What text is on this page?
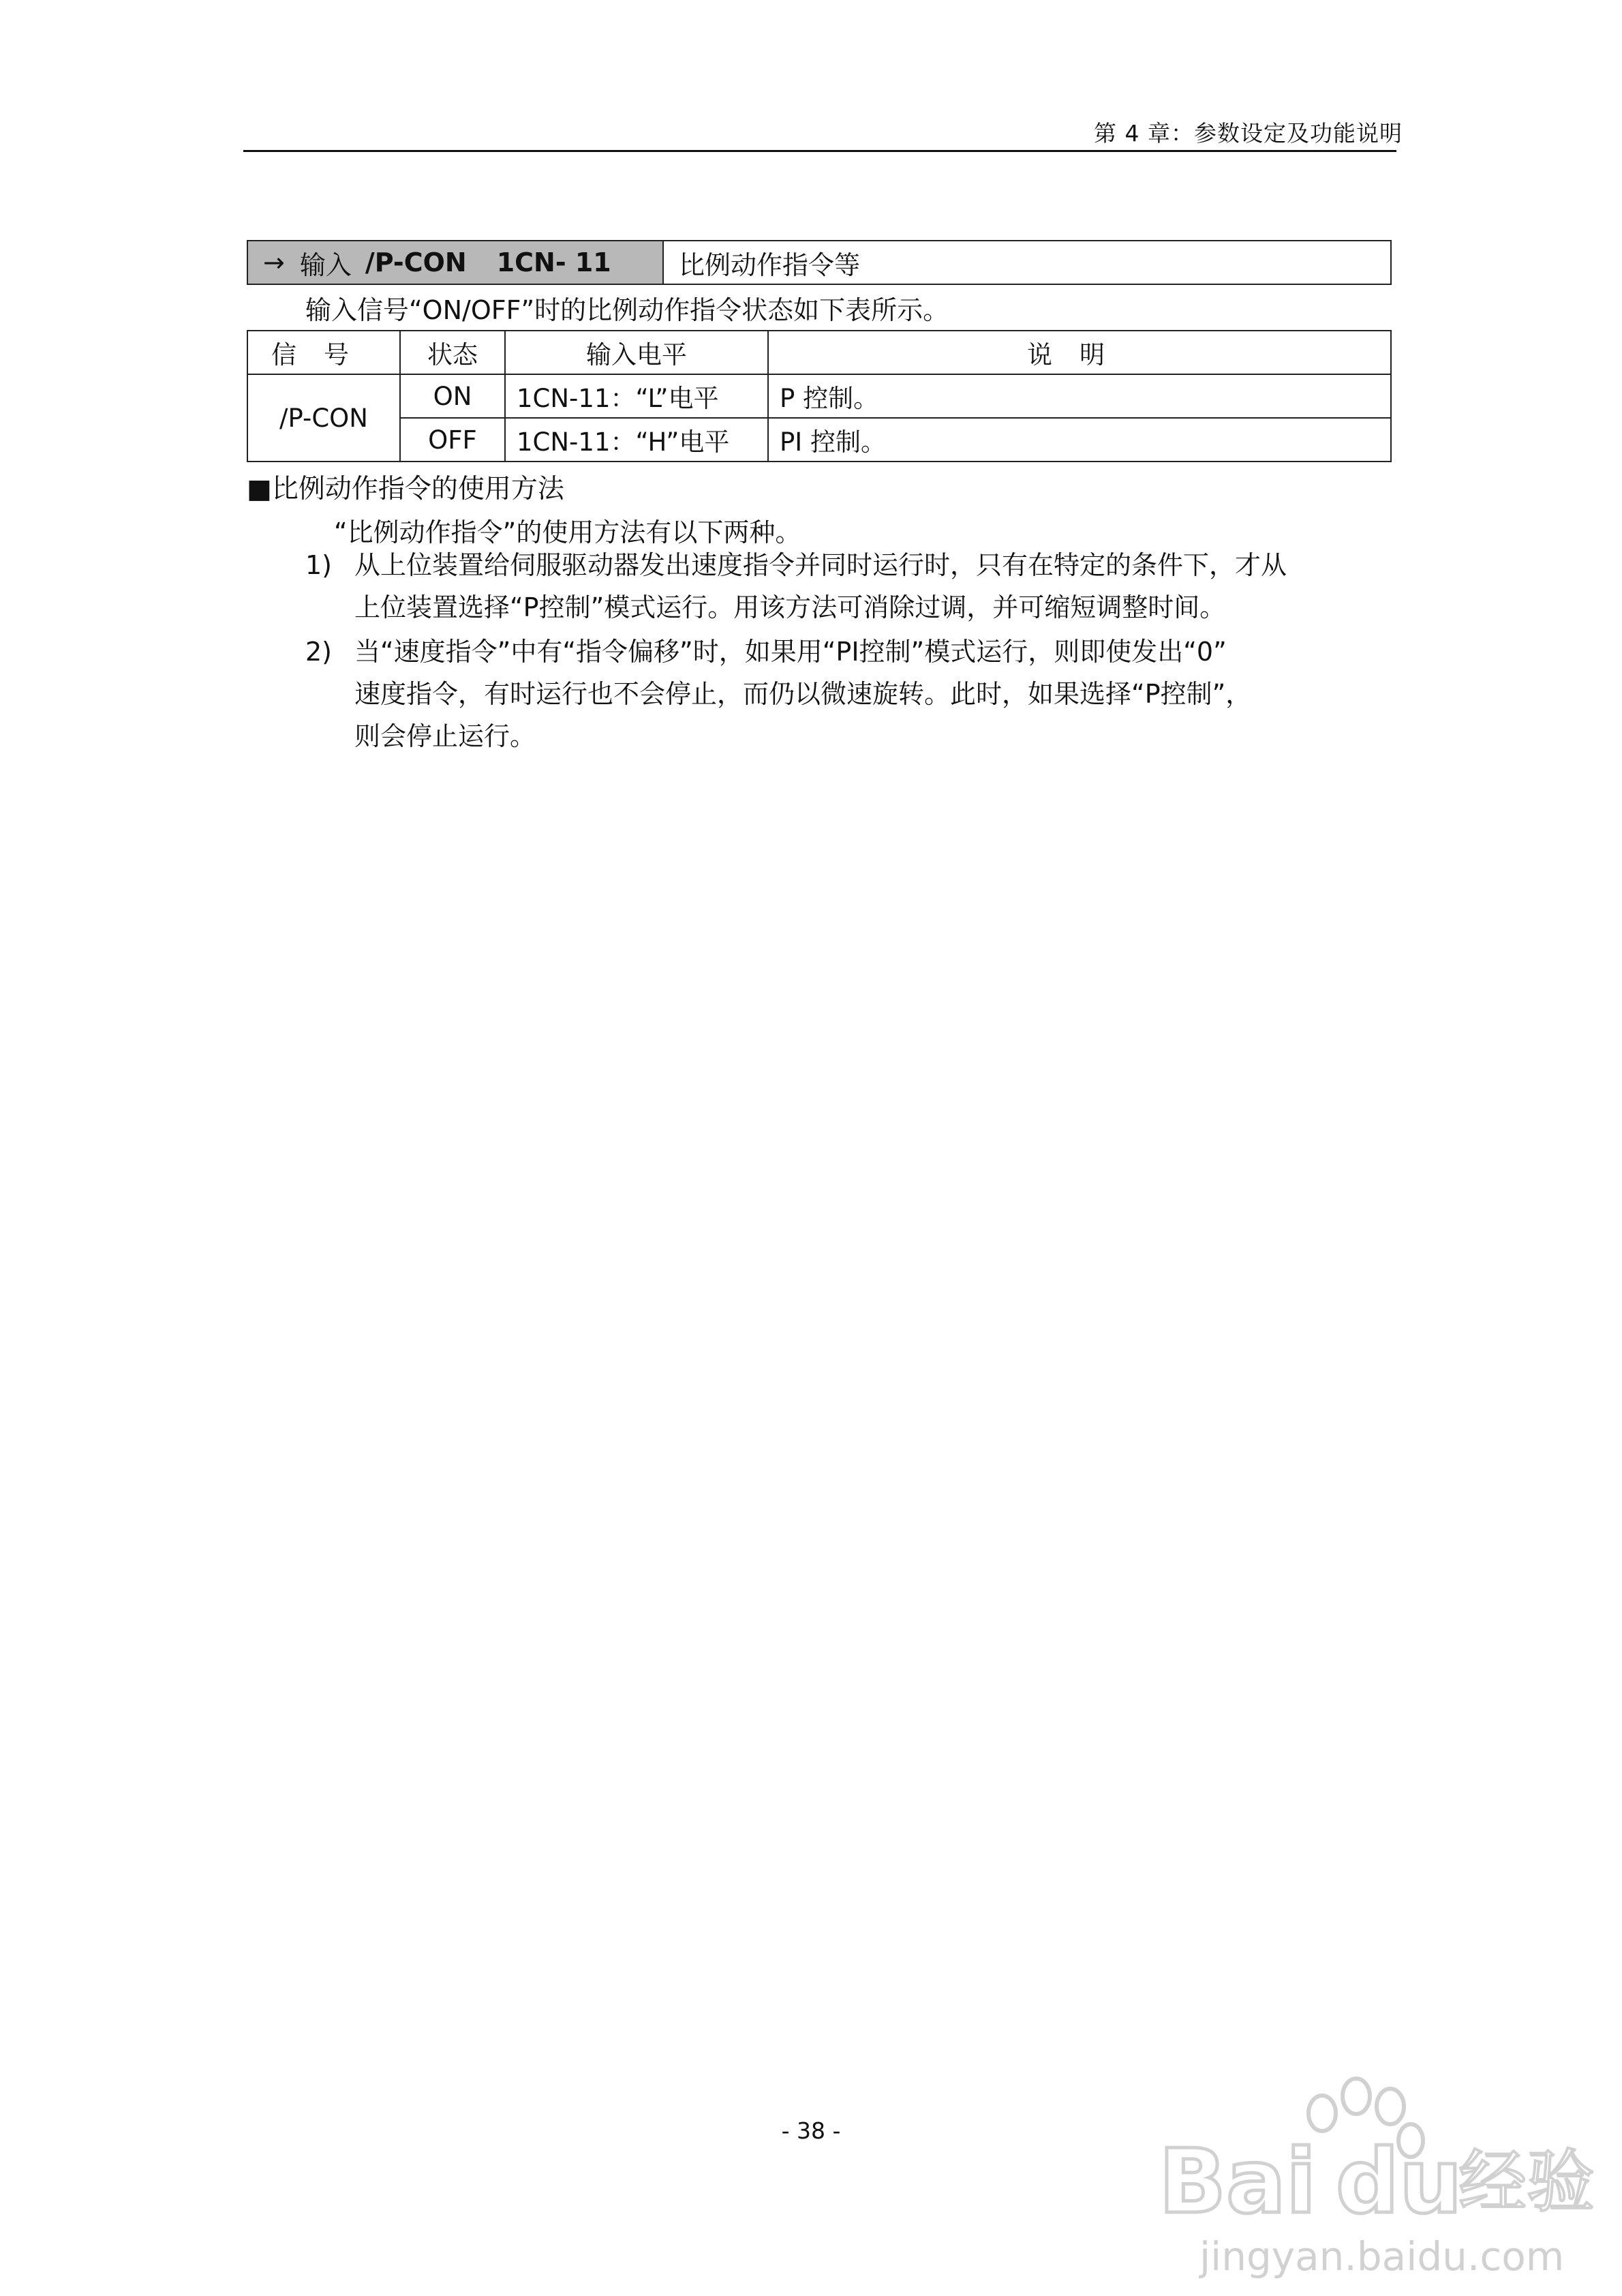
第 4 章：参数设定及功能说明
→ 输入 /P-CON 1CN- 11	比例动作指令等
输入信号“ON/OFF”时的比例动作指令状态如下表所示。
信号	状态	输入电平	说明
/P-CON	ON	1CN-11：“L”电平	P 控制。
	OFF	1CN-11：“H”电平	PI 控制。
■比例动作指令的使用方法
“比例动作指令”的使用方法有以下两种。
1) 从上位装置给伺服驱动器发出速度指令并同时运行时，只有在特定的条件下，才从
上位装置选择“P控制”模式运行。用该方法可消除过调，并可缩短调整时间。
2) 当“速度指令”中有“指令偏移”时，如果用“PI控制”模式运行，则即使发出“0”
速度指令，有时运行也不会停止，而仍以微速旋转。此时，如果选择“P控制”，
则会停止运行。
- 38 -	Bai du
经验
jingyan.baidu.com
